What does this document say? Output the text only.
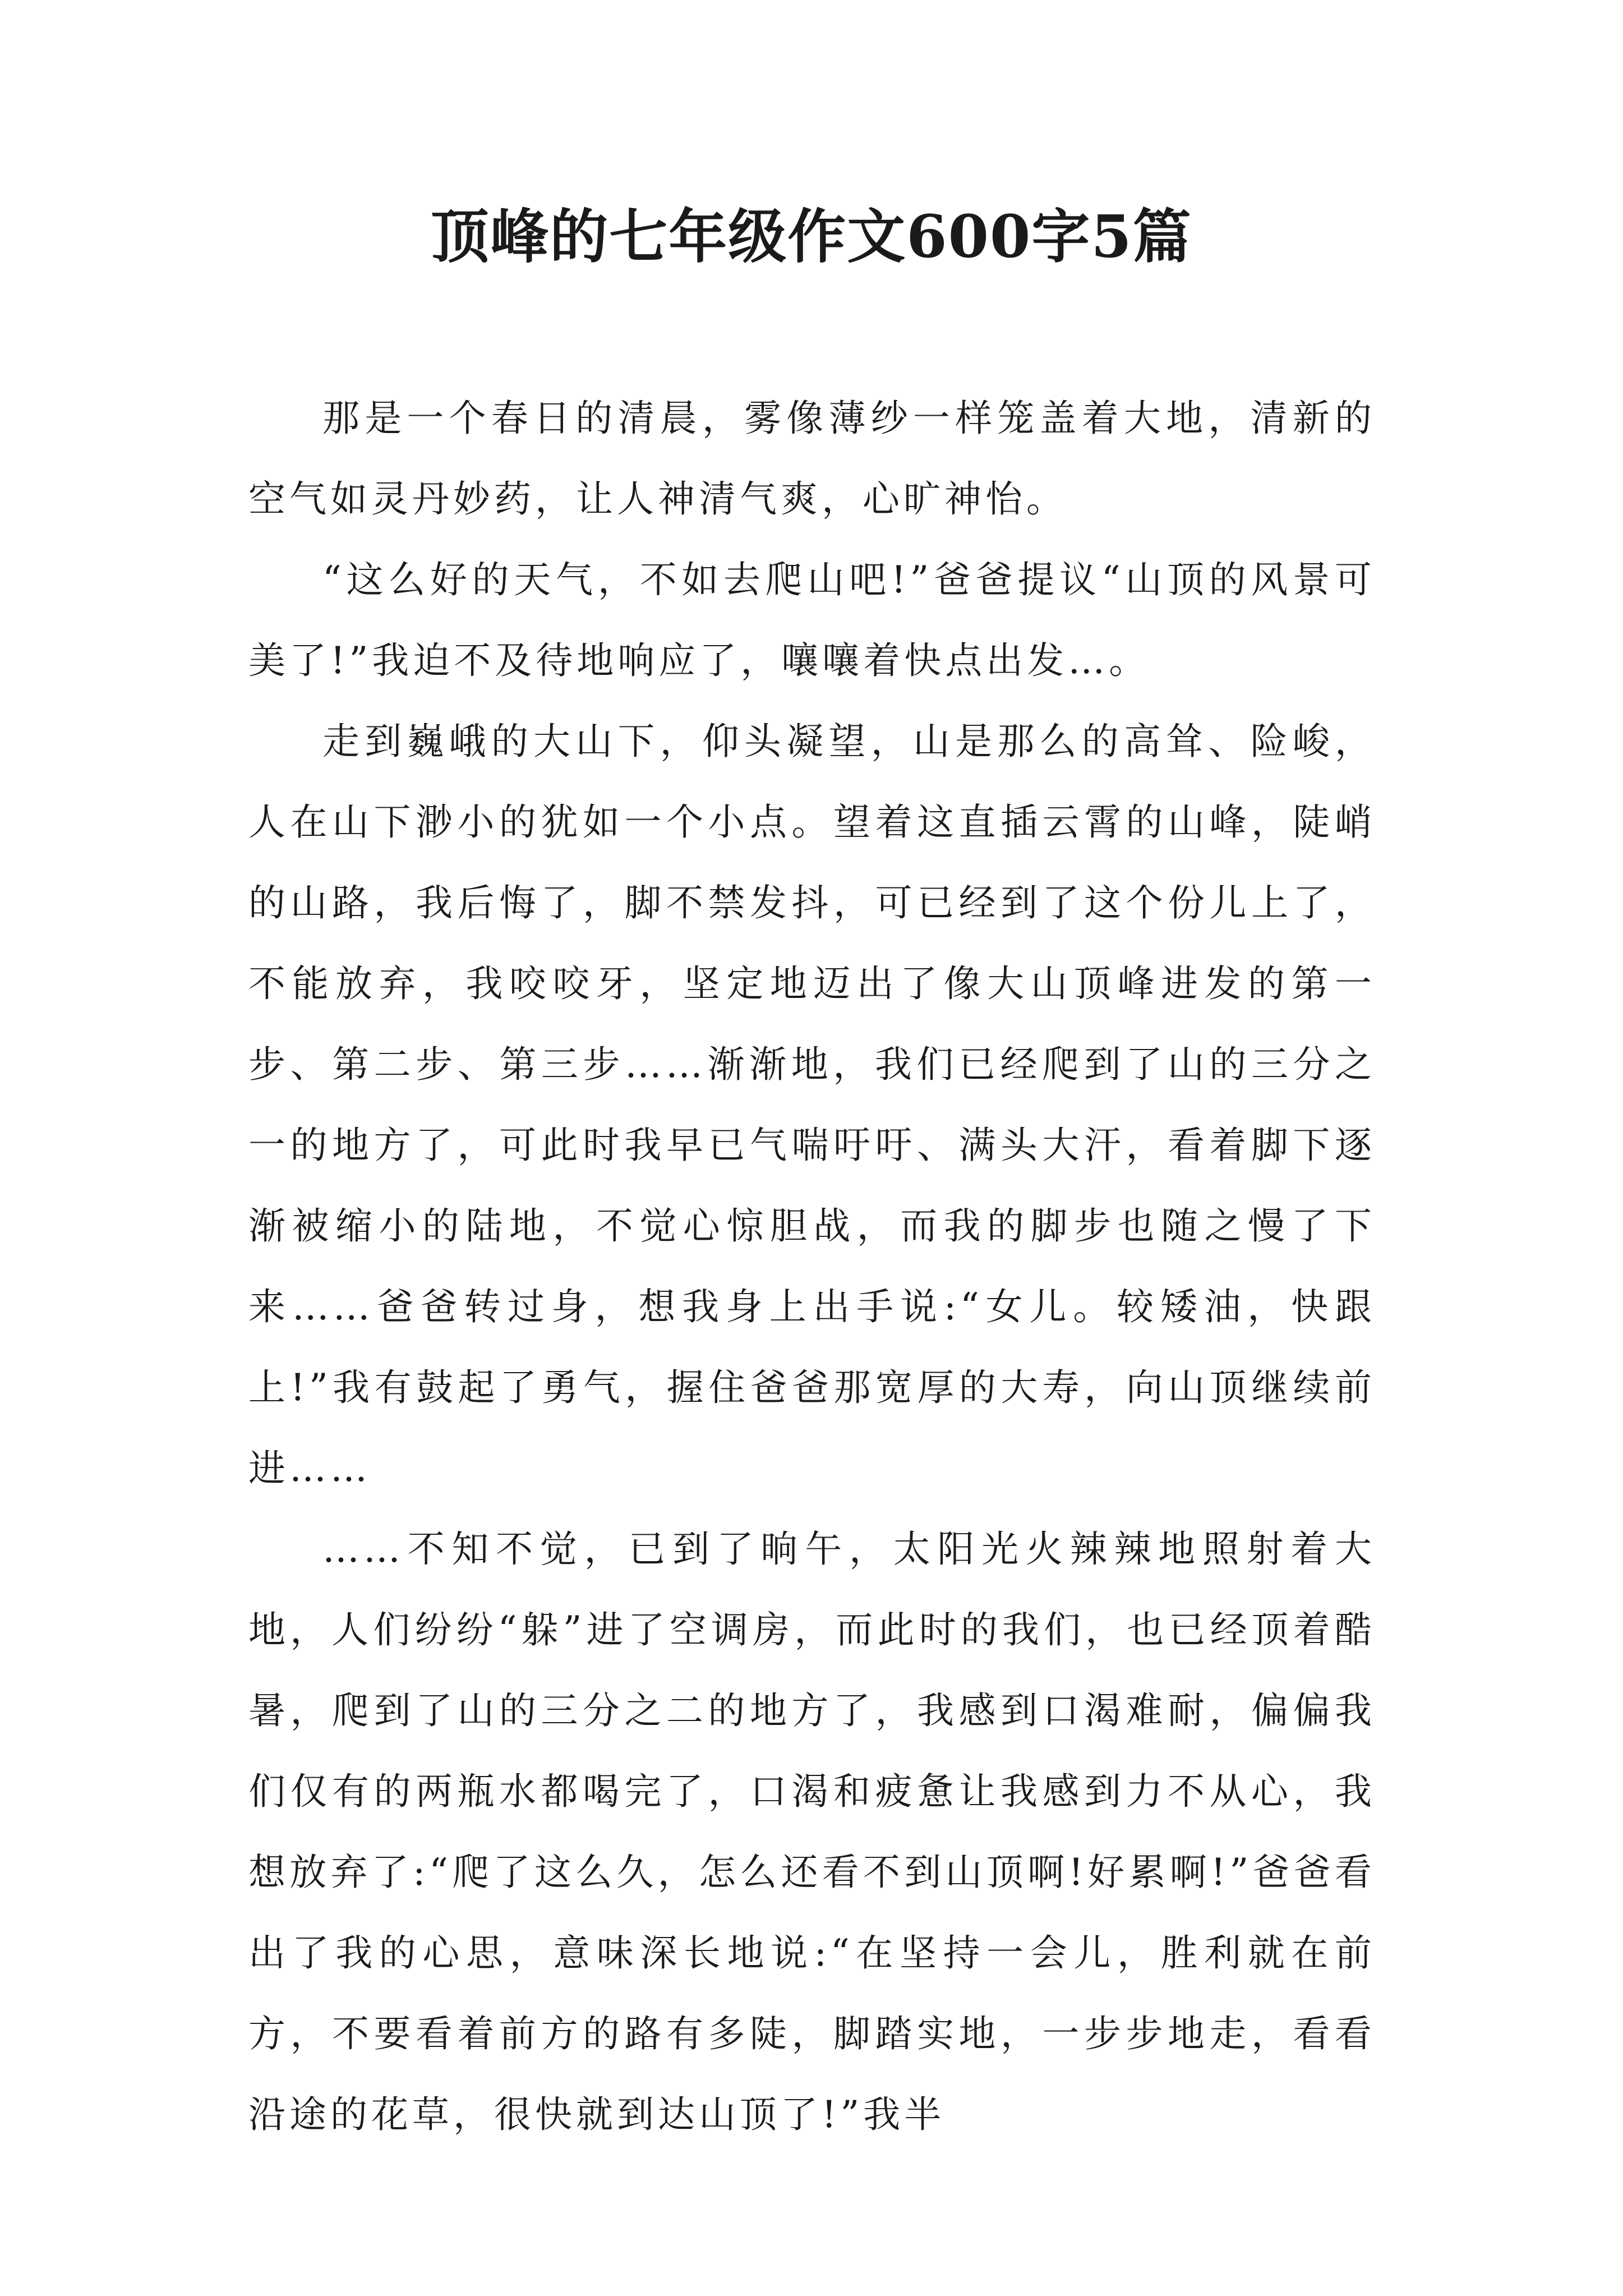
顶峰的七年级作文600字5篇

那是一个春日的清晨，雾像薄纱一样笼盖着大地，清新的空气如灵丹妙药，让人神清气爽，心旷神怡。

“这么好的天气，不如去爬山吧!”爸爸提议“山顶的风景可美了!”我迫不及待地响应了，嚷嚷着快点出发…。

走到巍峨的大山下，仰头凝望，山是那么的高耸、险峻，人在山下渺小的犹如一个小点。望着这直插云霄的山峰，陡峭的山路，我后悔了，脚不禁发抖，可已经到了这个份儿上了，不能放弃，我咬咬牙，坚定地迈出了像大山顶峰进发的第一步、第二步、第三步……渐渐地，我们已经爬到了山的三分之一的地方了，可此时我早已气喘吁吁、满头大汗，看着脚下逐渐被缩小的陆地，不觉心惊胆战，而我的脚步也随之慢了下来……爸爸转过身，想我身上出手说:“女儿。较矮油，快跟上!”我有鼓起了勇气，握住爸爸那宽厚的大寿，向山顶继续前进……

……不知不觉，已到了晌午，太阳光火辣辣地照射着大地，人们纷纷“躲”进了空调房，而此时的我们，也已经顶着酷暑，爬到了山的三分之二的地方了，我感到口渴难耐，偏偏我们仅有的两瓶水都喝完了，口渴和疲惫让我感到力不从心，我想放弃了:“爬了这么久，怎么还看不到山顶啊!好累啊!”爸爸看出了我的心思，意味深长地说:“在坚持一会儿，胜利就在前方，不要看着前方的路有多陡，脚踏实地，一步步地走，看看沿途的花草，很快就到达山顶了!”我半
